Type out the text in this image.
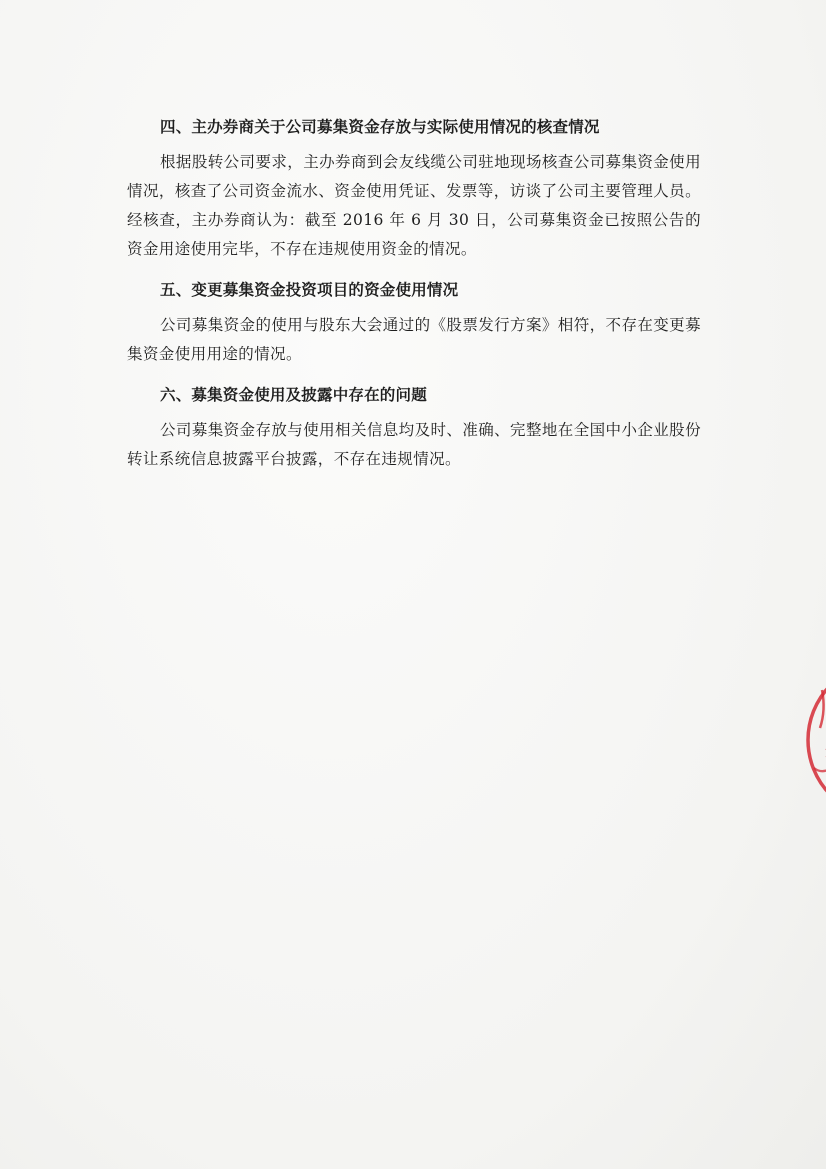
四、主办券商关于公司募集资金存放与实际使用情况的核查情况

根据股转公司要求，主办券商到会友线缆公司驻地现场核查公司募集资金使用情况，核查了公司资金流水、资金使用凭证、发票等，访谈了公司主要管理人员。经核查，主办券商认为：截至 2016 年 6 月 30 日，公司募集资金已按照公告的资金用途使用完毕，不存在违规使用资金的情况。

五、变更募集资金投资项目的资金使用情况

公司募集资金的使用与股东大会通过的《股票发行方案》相符，不存在变更募集资金使用用途的情况。

六、募集资金使用及披露中存在的问题

公司募集资金存放与使用相关信息均及时、准确、完整地在全国中小企业股份转让系统信息披露平台披露，不存在违规情况。
